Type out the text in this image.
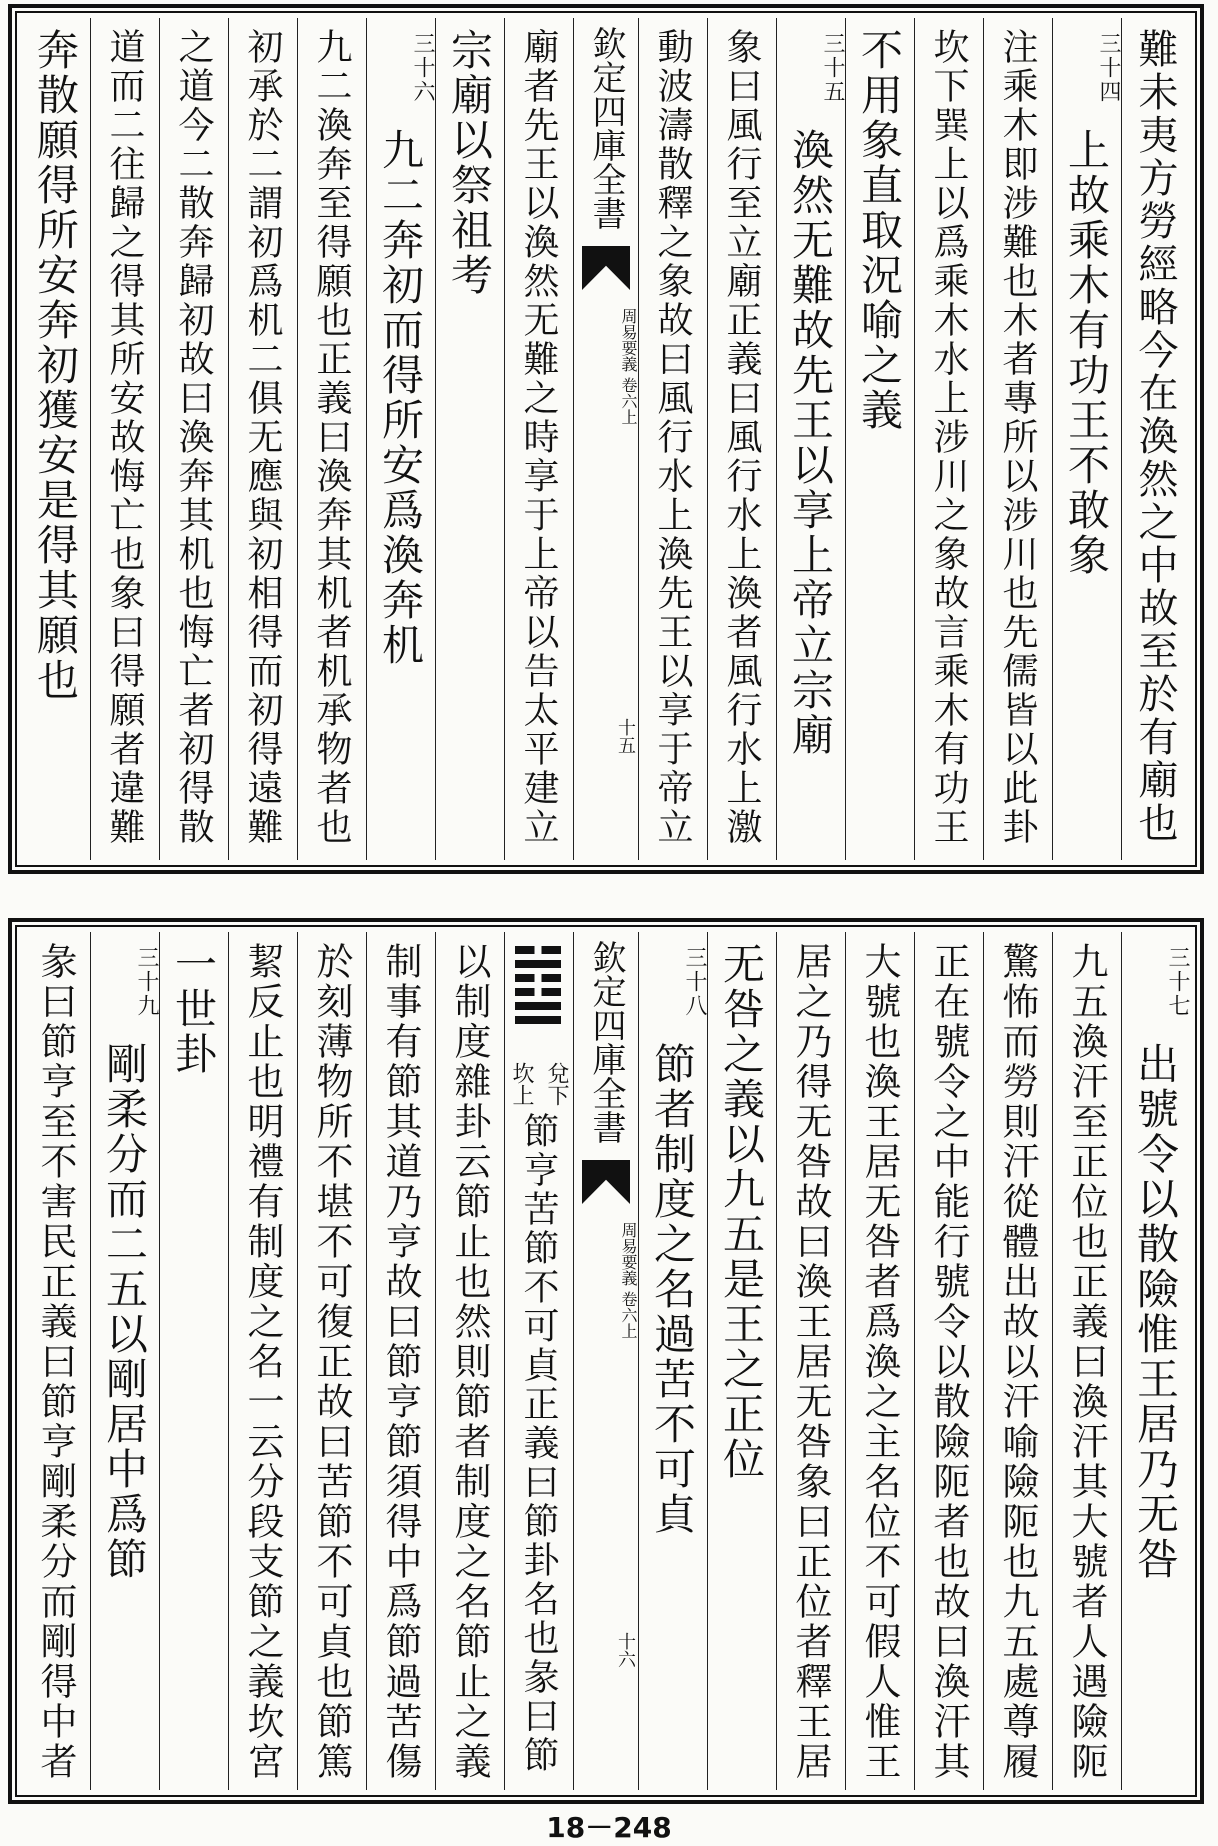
難未夷方勞經略今在渙然之中故至於有廟也
三十四
上故乘木有功王不敢象
注乘木即涉難也木者專所以涉川也先儒皆以此卦
坎下巽上以爲乘木水上涉川之象故言乘木有功王
不用象直取況喻之義
三十五
渙然无難故先王以享上帝立宗廟
象曰風行至立廟正義曰風行水上渙者風行水上激
動波濤散釋之象故曰風行水上渙先王以享于帝立
欽定四庫全書
周易要義 卷六上
十五
廟者先王以渙然无難之時享于上帝以告太平建立
宗廟以祭祖考
三十六
九二奔初而得所安爲渙奔机
九二渙奔至得願也正義曰渙奔其机者机承物者也
初承於二謂初爲机二俱无應與初相得而初得遠難
之道今二散奔歸初故曰渙奔其机也悔亡者初得散
道而二往歸之得其所安故悔亡也象曰得願者違難
奔散願得所安奔初獲安是得其願也
三十七
出號令以散險惟王居乃无咎
九五渙汗至正位也正義曰渙汗其大號者人遇險阨
驚怖而勞則汗從體出故以汗喻險阨也九五處尊履
正在號令之中能行號令以散險阨者也故曰渙汗其
大號也渙王居无咎者爲渙之主名位不可假人惟王
居之乃得无咎故曰渙王居无咎象曰正位者釋王居
无咎之義以九五是王之正位
三十八
節者制度之名過苦不可貞
欽定四庫全書
周易要義 卷六上
十六
兌下
坎上
節亨苦節不可貞正義曰節卦名也彖曰節
以制度雜卦云節止也然則節者制度之名節止之義
制事有節其道乃亨故曰節亨節須得中爲節過苦傷
於刻薄物所不堪不可復正故曰苦節不可貞也節篤
絜反止也明禮有制度之名一云分段支節之義坎宮
一世卦
三十九
剛柔分而二五以剛居中爲節
彖曰節亨至不害民正義曰節亨剛柔分而剛得中者
18－248
